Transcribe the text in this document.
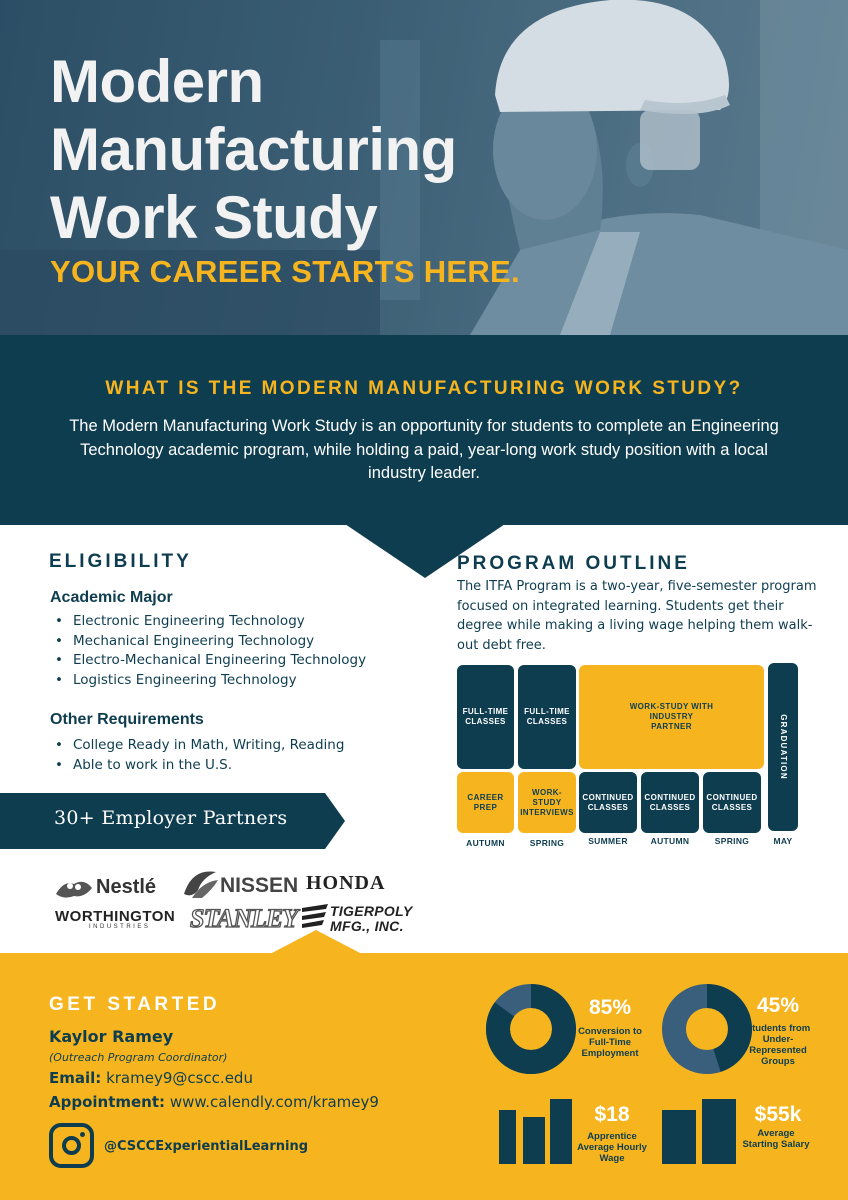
Modern Manufacturing Work Study
YOUR CAREER STARTS HERE.
WHAT IS THE MODERN MANUFACTURING WORK STUDY?

The Modern Manufacturing Work Study is an opportunity for students to complete an Engineering Technology academic program, while holding a paid, year-long work study position with a local industry leader.

ELIGIBILITY
Academic Major
• Electronic Engineering Technology
• Mechanical Engineering Technology
• Electro-Mechanical Engineering Technology
• Logistics Engineering Technology
Other Requirements
• College Ready in Math, Writing, Reading
• Able to work in the U.S.
30+ Employer Partners
Nestlé	NISSEN HONDA
WORTHINGTON
INDUSTRIES STANLEY TIGERPOLY
MFG., INC.
PROGRAM OUTLINE
The ITFA Program is a two-year, five-semester program focused on integrated learning. Students get their degree while making a living wage helping them walk-out debt free.
FULL-TIME CLASSES
FULL-TIME CLASSES
WORK-STUDY WITH INDUSTRY PARTNER	GRADUATION
CAREER PREP
WORK-STUDY INTERVIEWS
CONTINUED CLASSES
CONTINUED CLASSES
CONTINUED CLASSES
AUTUMN	SPRING	SUMMER	AUTUMN	SPRING	MAY
GET STARTED
Kaylor Ramey
(Outreach Program Coordinator)
Email: kramey9@cscc.edu
Appointment: www.calendly.com/kramey9
@CSCCExperientialLearning
85%
Conversion to Full-Time Employment
45%
Students from Under-Represented Groups
$18
Apprentice Average Hourly Wage
$55k
Average Starting Salary
